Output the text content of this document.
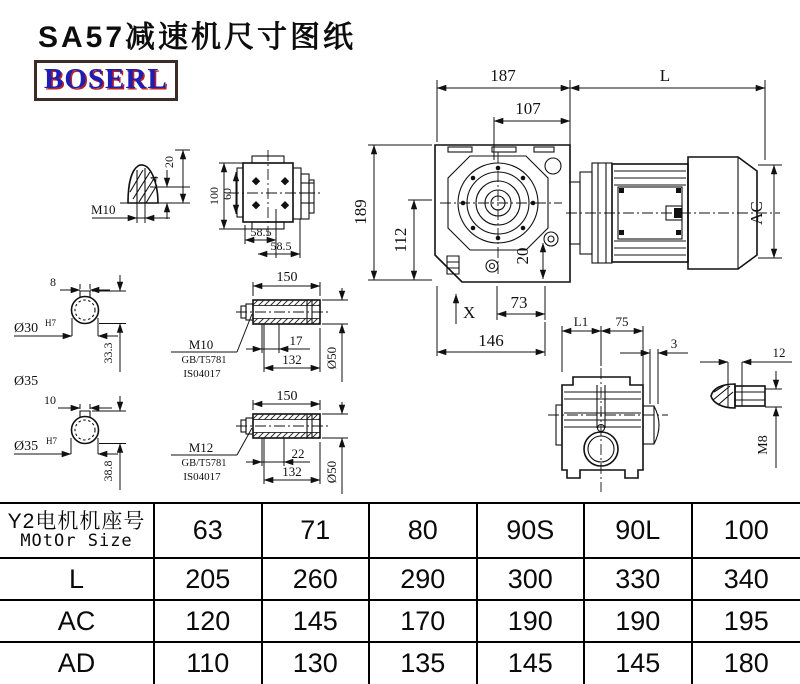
SA57减速机尺寸图纸
BOSERL	187	L
107
189
112
AC
20
X
73
146
4
20
M10
100 60
58.5
58.5
8
Ø30 H7
33.3
Ø35
10
Ø35 H7
38.8
150
17
132 Ø50
M10
GB/T5781
IS04017
150
22
132 Ø50
M12
GB/T5781
IS04017
L1 75
3
12
M8
Y2电机机座号
MOtOr Size	63	71	80	90S	90L	100
L	205	260	290	300	330	340
AC	120	145	170	190	190	195
AD	110	130	135	145	145	180
